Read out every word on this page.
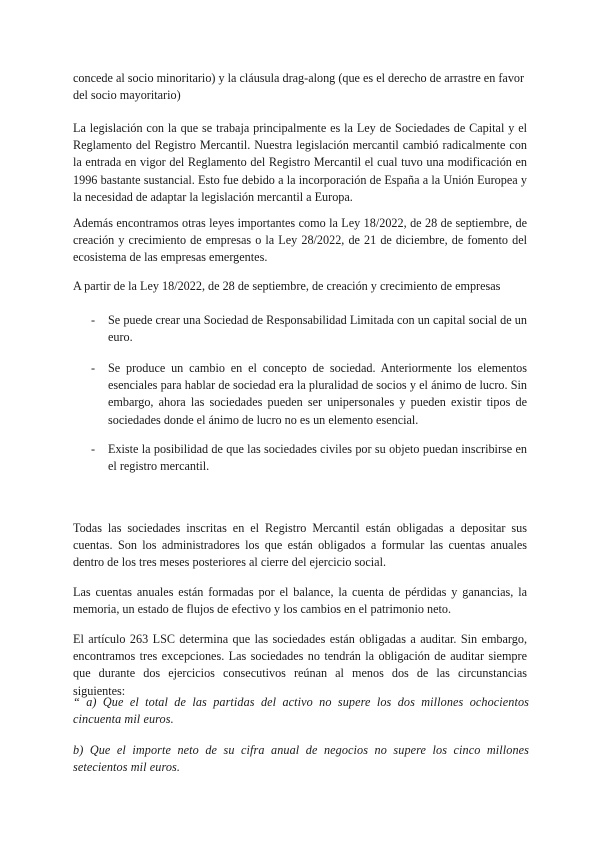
concede al socio minoritario) y la cláusula drag-along (que es el derecho de arrastre en favor del socio mayoritario)

La legislación con la que se trabaja principalmente es la Ley de Sociedades de Capital y el Reglamento del Registro Mercantil. Nuestra legislación mercantil cambió radicalmente con la entrada en vigor del Reglamento del Registro Mercantil el cual tuvo una modificación en 1996 bastante sustancial. Esto fue debido a la incorporación de España a la Unión Europea y la necesidad de adaptar la legislación mercantil a Europa.

Además encontramos otras leyes importantes como la Ley 18/2022, de 28 de septiembre, de creación y crecimiento de empresas o la Ley 28/2022, de 21 de diciembre, de fomento del ecosistema de las empresas emergentes.

A partir de la Ley 18/2022, de 28 de septiembre, de creación y crecimiento de empresas

- Se puede crear una Sociedad de Responsabilidad Limitada con un capital social de un euro.
- Se produce un cambio en el concepto de sociedad. Anteriormente los elementos esenciales para hablar de sociedad era la pluralidad de socios y el ánimo de lucro. Sin embargo, ahora las sociedades pueden ser unipersonales y pueden existir tipos de sociedades donde el ánimo de lucro no es un elemento esencial.
- Existe la posibilidad de que las sociedades civiles por su objeto puedan inscribirse en el registro mercantil.

Todas las sociedades inscritas en el Registro Mercantil están obligadas a depositar sus cuentas. Son los administradores los que están obligados a formular las cuentas anuales dentro de los tres meses posteriores al cierre del ejercicio social.

Las cuentas anuales están formadas por el balance, la cuenta de pérdidas y ganancias, la memoria, un estado de flujos de efectivo y los cambios en el patrimonio neto.

El artículo 263 LSC determina que las sociedades están obligadas a auditar. Sin embargo, encontramos tres excepciones. Las sociedades no tendrán la obligación de auditar siempre que durante dos ejercicios consecutivos reúnan al menos dos de las circunstancias siguientes:

“ a) Que el total de las partidas del activo no supere los dos millones ochocientos cincuenta mil euros.

b) Que el importe neto de su cifra anual de negocios no supere los cinco millones setecientos mil euros.
